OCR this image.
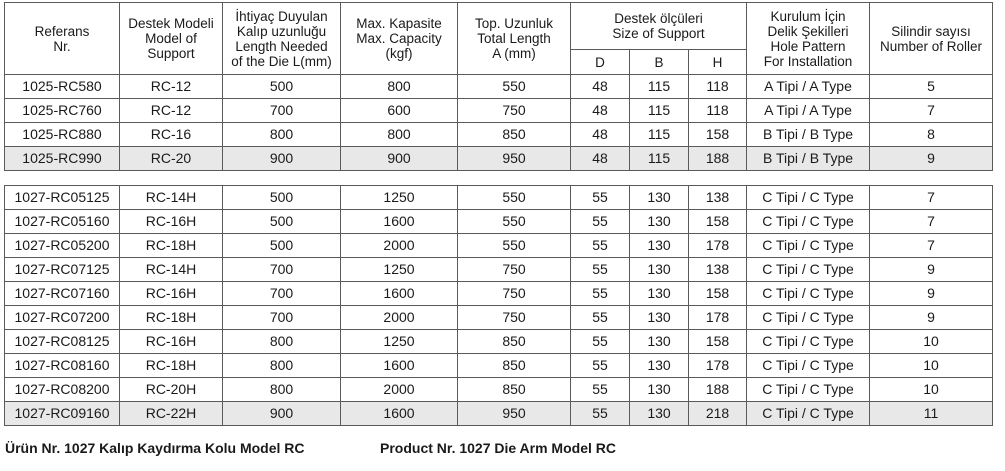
Referans
Nr.	Destek Modeli
Model of
Support	İhtiyaç Duyulan
Kalıp uzunluğu
Length Needed
of the Die L(mm)	Max. Kapasite
Max. Capacity
(kgf)	Top. Uzunluk
Total Length
A (mm)	Destek ölçüleri
Size of Support			Kurulum İçin
Delik Şekilleri
Hole Pattern
For Installation	Silindir sayısı
Number of Roller

					D	B	H		
1025-RC580	RC-12	500	800	550	48	115	118	A Tipi / A Type	5
1025-RC760	RC-12	700	600	750	48	115	118	A Tipi / A Type	7
1025-RC880	RC-16	800	800	850	48	115	158	B Tipi / B Type	8
1025-RC990	RC-20	900	900	950	48	115	188	B Tipi / B Type	9
1027-RC05125	RC-14H	500	1250	550	55	130	138	C Tipi / C Type	7
1027-RC05160	RC-16H	500	1600	550	55	130	158	C Tipi / C Type	7
1027-RC05200	RC-18H	500	2000	550	55	130	178	C Tipi / C Type	7
1027-RC07125	RC-14H	700	1250	750	55	130	138	C Tipi / C Type	9
1027-RC07160	RC-16H	700	1600	750	55	130	158	C Tipi / C Type	9
1027-RC07200	RC-18H	700	2000	750	55	130	178	C Tipi / C Type	9
1027-RC08125	RC-16H	800	1250	850	55	130	158	C Tipi / C Type	10
1027-RC08160	RC-18H	800	1600	850	55	130	178	C Tipi / C Type	10
1027-RC08200	RC-20H	800	2000	850	55	130	188	C Tipi / C Type	10
1027-RC09160	RC-22H	900	1600	950	55	130	218	C Tipi / C Type	11
Ürün Nr. 1027 Kalıp Kaydırma Kolu Model RC	Product Nr. 1027 Die Arm Model RC
